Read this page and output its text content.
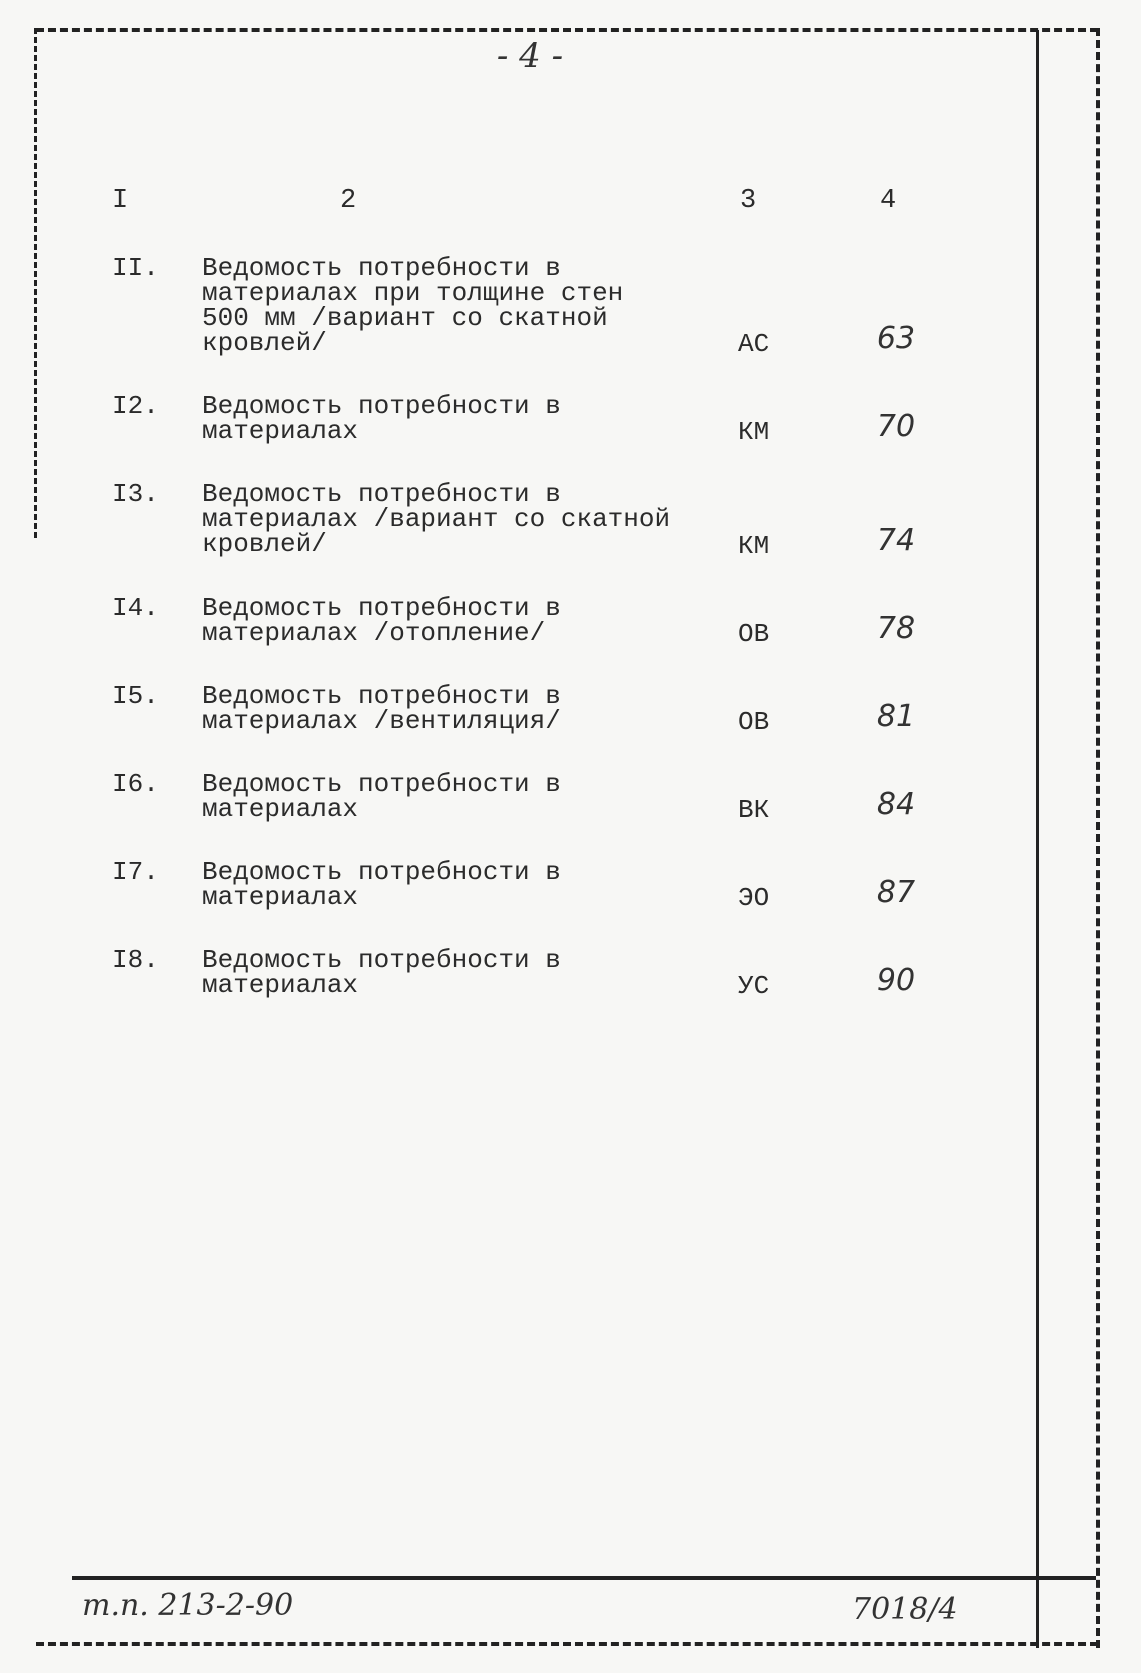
- 4 -
I	2	3	4
II. Ведомость потребности в
материалах при толщине стен
500 мм /вариант со скатной
кровлей/	АС	63
I2. Ведомость потребности в
материалах	КМ	70
I3. Ведомость потребности в
материалах /вариант со скатной
кровлей/	КМ	74
I4. Ведомость потребности в
материалах /отопление/	ОВ	78
I5. Ведомость потребности в
материалах /вентиляция/	ОВ	81
I6. Ведомость потребности в
материалах	ВК	84
I7. Ведомость потребности в
материалах	ЭО	87
I8. Ведомость потребности в
материалах	УС	90
т.п. 213-2-90	7018/4
